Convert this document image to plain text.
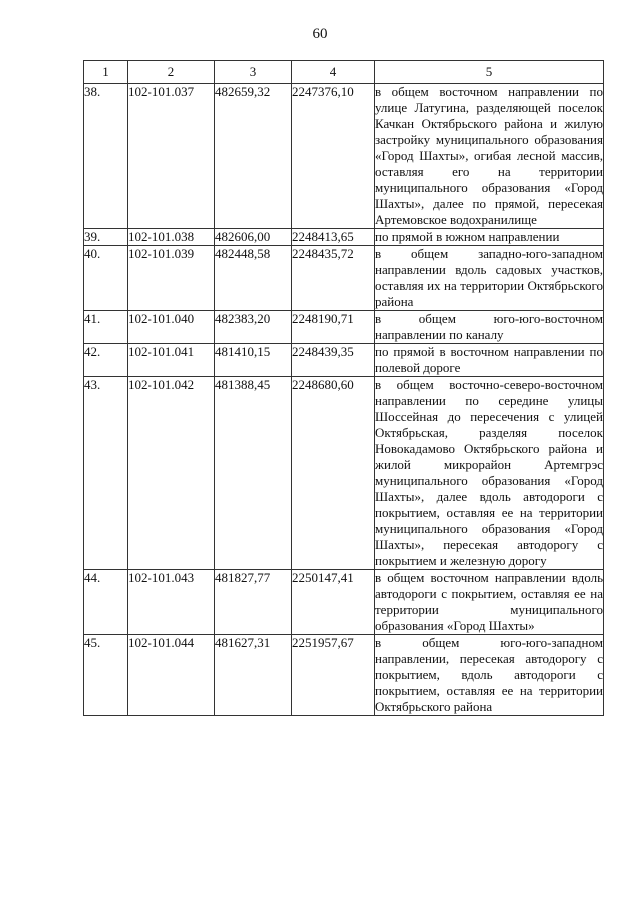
60
1	2	3	4	5
38.	102-101.037	482659,32	2247376,10	в общем восточном направлении по улице Латугина, разделяющей поселок Качкан Октябрьского района и жилую застройку муниципального образования «Город Шахты», огибая лесной массив, оставляя его на территории муниципального образования «Город Шахты», далее по прямой, пересекая Артемовское водохранилище
39.	102-101.038	482606,00	2248413,65	по прямой в южном направлении
40.	102-101.039	482448,58	2248435,72	в общем западно-юго-западном направлении вдоль садовых участков, оставляя их на территории Октябрьского района
41.	102-101.040	482383,20	2248190,71	в общем юго-юго-восточном направлении по каналу
42.	102-101.041	481410,15	2248439,35	по прямой в восточном направлении по полевой дороге
43.	102-101.042	481388,45	2248680,60	в общем восточно-северо-восточном направлении по середине улицы Шоссейная до пересечения с улицей Октябрьская, разделяя поселок Новокадамово Октябрьского района и жилой микрорайон Артемгрэс муниципального образования «Город Шахты», далее вдоль автодороги с покрытием, оставляя ее на территории муниципального образования «Город Шахты», пересекая автодорогу с покрытием и железную дорогу
44.	102-101.043	481827,77	2250147,41	в общем восточном направлении вдоль автодороги с покрытием, оставляя ее на территории муниципального образования «Город Шахты»
45.	102-101.044	481627,31	2251957,67	в общем юго-юго-западном направлении, пересекая автодорогу с покрытием, вдоль автодороги с покрытием, оставляя ее на территории Октябрьского района
